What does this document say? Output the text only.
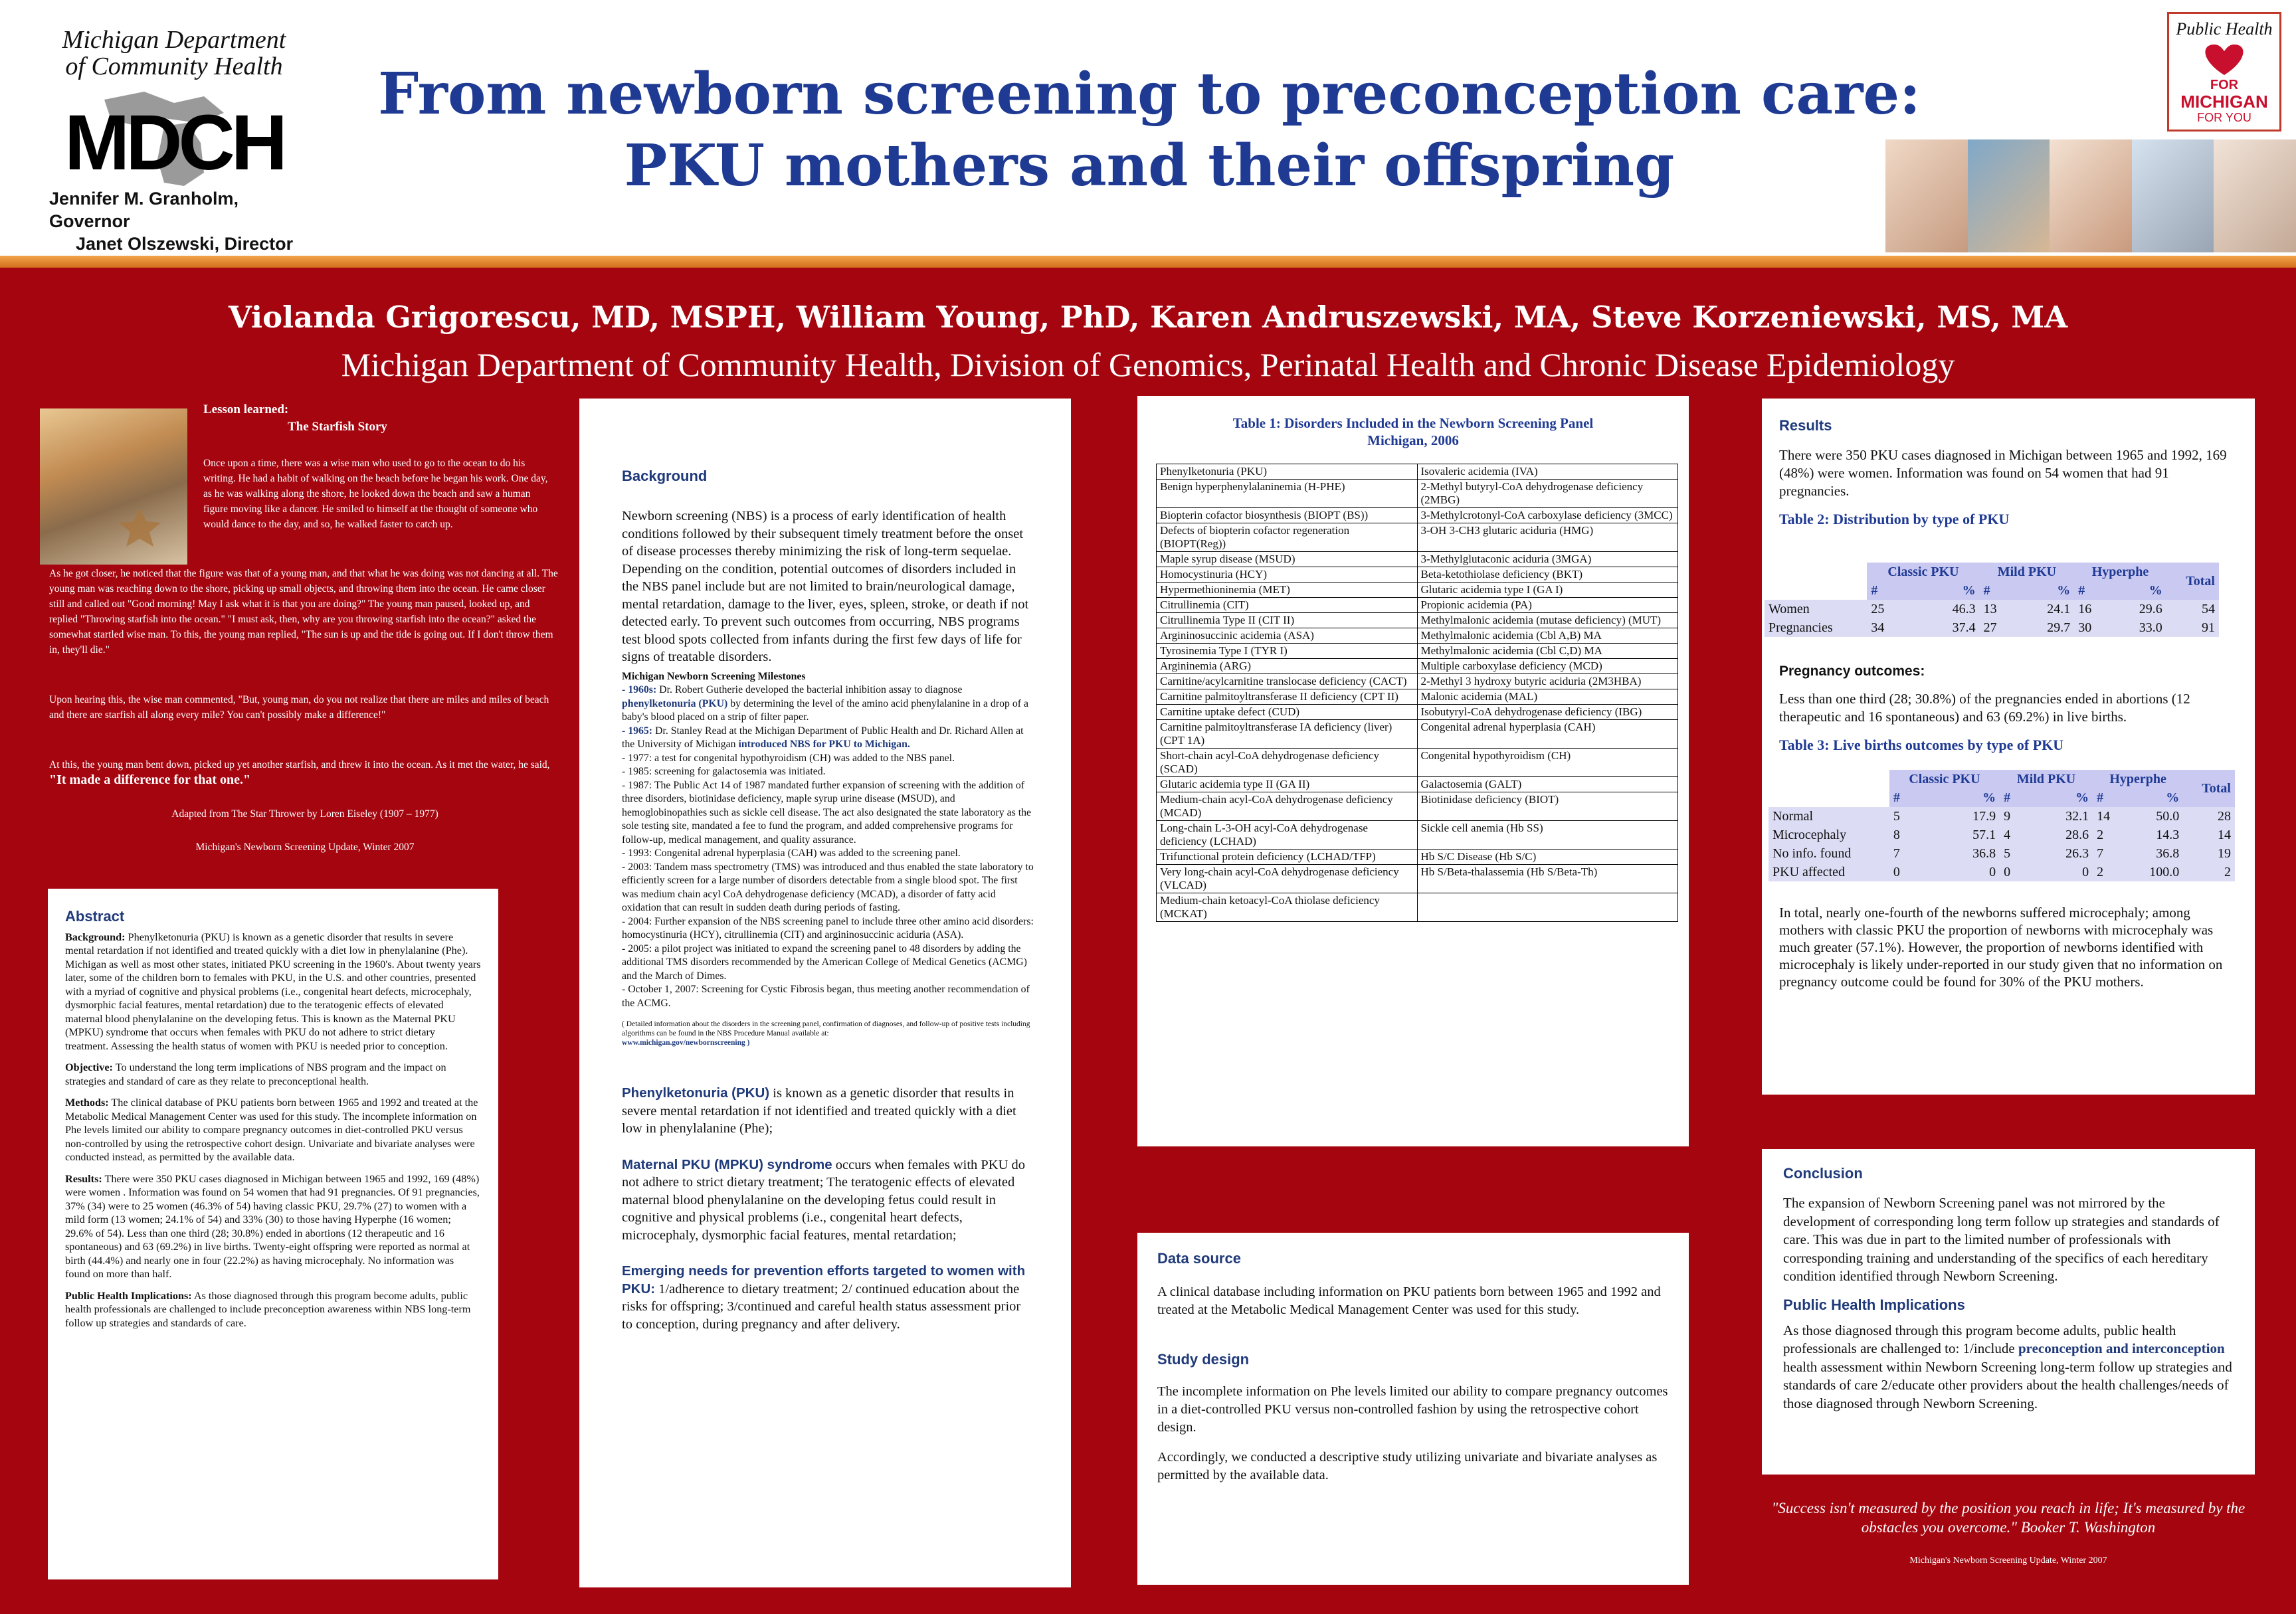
Michigan Department
of Community Health
MDCH
Jennifer M. Granholm, Governor
Janet Olszewski, Director
From newborn screening to preconception care:
PKU mothers and their offspring
Public Health
FOR
MICHIGAN
FOR YOU
Violanda Grigorescu, MD, MSPH, William Young, PhD, Karen Andruszewski, MA, Steve Korzeniewski, MS, MA
Michigan Department of Community Health, Division of Genomics, Perinatal Health and Chronic Disease Epidemiology
Lesson learned:
The Starfish Story
Once upon a time, there was a wise man who used to go to the ocean to do his writing. He had a habit of walking on the beach before he began his work. One day, as he was walking along the shore, he looked down the beach and saw a human figure moving like a dancer. He smiled to himself at the thought of someone who would dance to the day, and so, he walked faster to catch up.
As he got closer, he noticed that the figure was that of a young man, and that what he was doing was not dancing at all. The young man was reaching down to the shore, picking up small objects, and throwing them into the ocean. He came closer still and called out "Good morning! May I ask what it is that you are doing?" The young man paused, looked up, and replied "Throwing starfish into the ocean." "I must ask, then, why are you throwing starfish into the ocean?" asked the somewhat startled wise man. To this, the young man replied, "The sun is up and the tide is going out. If I don't throw them in, they'll die."
Upon hearing this, the wise man commented, "But, young man, do you not realize that there are miles and miles of beach and there are starfish all along every mile? You can't possibly make a difference!"
At this, the young man bent down, picked up yet another starfish, and threw it into the ocean. As it met the water, he said, "It made a difference for that one."
Adapted from The Star Thrower by Loren Eiseley (1907 – 1977)
Michigan's Newborn Screening Update, Winter 2007
Abstract

Background: Phenylketonuria (PKU) is known as a genetic disorder that results in severe mental retardation if not identified and treated quickly with a diet low in phenylalanine (Phe). Michigan as well as most other states, initiated PKU screening in the 1960's. About twenty years later, some of the children born to females with PKU, in the U.S. and other countries, presented with a myriad of cognitive and physical problems (i.e., congenital heart defects, microcephaly, dysmorphic facial features, mental retardation) due to the teratogenic effects of elevated maternal blood phenylalanine on the developing fetus. This is known as the Maternal PKU (MPKU) syndrome that occurs when females with PKU do not adhere to strict dietary treatment. Assessing the health status of women with PKU is needed prior to conception.

Objective: To understand the long term implications of NBS program and the impact on strategies and standard of care as they relate to preconceptional health.

Methods: The clinical database of PKU patients born between 1965 and 1992 and treated at the Metabolic Medical Management Center was used for this study. The incomplete information on Phe levels limited our ability to compare pregnancy outcomes in diet-controlled PKU versus non-controlled by using the retrospective cohort design. Univariate and bivariate analyses were conducted instead, as permitted by the available data.

Results: There were 350 PKU cases diagnosed in Michigan between 1965 and 1992, 169 (48%) were women . Information was found on 54 women that had 91 pregnancies. Of 91 pregnancies, 37% (34) were to 25 women (46.3% of 54) having classic PKU, 29.7% (27) to women with a mild form (13 women; 24.1% of 54) and 33% (30) to those having Hyperphe (16 women; 29.6% of 54). Less than one third (28; 30.8%) ended in abortions (12 therapeutic and 16 spontaneous) and 63 (69.2%) in live births. Twenty-eight offspring were reported as normal at birth (44.4%) and nearly one in four (22.2%) as having microcephaly. No information was found on more than half.

Public Health Implications: As those diagnosed through this program become adults, public health professionals are challenged to include preconception awareness within NBS long-term follow up strategies and standards of care.

Background

Newborn screening (NBS) is a process of early identification of health conditions followed by their subsequent timely treatment before the onset of disease processes thereby minimizing the risk of long-term sequelae. Depending on the condition, potential outcomes of disorders included in the NBS panel include but are not limited to brain/neurological damage, mental retardation, damage to the liver, eyes, spleen, stroke, or death if not detected early. To prevent such outcomes from occurring, NBS programs test blood spots collected from infants during the first few days of life for signs of treatable disorders.

Michigan Newborn Screening Milestones

- 1960s: Dr. Robert Gutherie developed the bacterial inhibition assay to diagnose phenylketonuria (PKU) by determining the level of the amino acid phenylalanine in a drop of a baby's blood placed on a strip of filter paper.

- 1965: Dr. Stanley Read at the Michigan Department of Public Health and Dr. Richard Allen at the University of Michigan introduced NBS for PKU to Michigan.

- 1977: a test for congenital hypothyroidism (CH) was added to the NBS panel.

- 1985: screening for galactosemia was initiated.

- 1987: The Public Act 14 of 1987 mandated further expansion of screening with the addition of three disorders, biotinidase deficiency, maple syrup urine disease (MSUD), and hemoglobinopathies such as sickle cell disease. The act also designated the state laboratory as the sole testing site, mandated a fee to fund the program, and added comprehensive programs for follow-up, medical management, and quality assurance.

- 1993: Congenital adrenal hyperplasia (CAH) was added to the screening panel.

- 2003: Tandem mass spectrometry (TMS) was introduced and thus enabled the state laboratory to efficiently screen for a large number of disorders detectable from a single blood spot. The first was medium chain acyl CoA dehydrogenase deficiency (MCAD), a disorder of fatty acid oxidation that can result in sudden death during periods of fasting.

- 2004: Further expansion of the NBS screening panel to include three other amino acid disorders: homocystinuria (HCY), citrullinemia (CIT) and argininosuccinic aciduria (ASA).

- 2005: a pilot project was initiated to expand the screening panel to 48 disorders by adding the additional TMS disorders recommended by the American College of Medical Genetics (ACMG) and the March of Dimes.

- October 1, 2007: Screening for Cystic Fibrosis began, thus meeting another recommendation of the ACMG.

( Detailed information about the disorders in the screening panel, confirmation of diagnoses, and follow-up of positive tests including algorithms can be found in the NBS Procedure Manual available at:
www.michigan.gov/newbornscreening )

Phenylketonuria (PKU) is known as a genetic disorder that results in severe mental retardation if not identified and treated quickly with a diet low in phenylalanine (Phe);

Maternal PKU (MPKU) syndrome occurs when females with PKU do not adhere to strict dietary treatment; The teratogenic effects of elevated maternal blood phenylalanine on the developing fetus could result in cognitive and physical problems (i.e., congenital heart defects, microcephaly, dysmorphic facial features, mental retardation;

Emerging needs for prevention efforts targeted to women with PKU: 1/adherence to dietary treatment; 2/ continued education about the risks for offspring; 3/continued and careful health status assessment prior to conception, during pregnancy and after delivery.

Table 1: Disorders Included in the Newborn Screening Panel
Michigan, 2006
Phenylketonuria (PKU)	Isovaleric acidemia (IVA)
Benign hyperphenylalaninemia (H-PHE)	2-Methyl butyryl-CoA dehydrogenase deficiency (2MBG)
Biopterin cofactor biosynthesis (BIOPT (BS))	3-Methylcrotonyl-CoA carboxylase deficiency (3MCC)
Defects of biopterin cofactor regeneration (BIOPT(Reg))	3-OH 3-CH3 glutaric aciduria (HMG)
Maple syrup disease (MSUD)	3-Methylglutaconic aciduria (3MGA)
Homocystinuria (HCY)	Beta-ketothiolase deficiency (BKT)
Hypermethioninemia (MET)	Glutaric acidemia type I (GA I)
Citrullinemia (CIT)	Propionic acidemia (PA)
Citrullinemia Type II (CIT II)	Methylmalonic acidemia (mutase deficiency) (MUT)
Argininosuccinic acidemia (ASA)	Methylmalonic acidemia (Cbl A,B) MA
Tyrosinemia Type I (TYR I)	Methylmalonic acidemia (Cbl C,D) MA
Argininemia (ARG)	Multiple carboxylase deficiency (MCD)
Carnitine/acylcarnitine translocase deficiency (CACT)	2-Methyl 3 hydroxy butyric aciduria (2M3HBA)
Carnitine palmitoyltransferase II deficiency (CPT II)	Malonic acidemia (MAL)
Carnitine uptake defect (CUD)	Isobutyryl-CoA dehydrogenase deficiency (IBG)
Carnitine palmitoyltransferase IA deficiency (liver) (CPT 1A)	Congenital adrenal hyperplasia (CAH)
Short-chain acyl-CoA dehydrogenase deficiency (SCAD)	Congenital hypothyroidism (CH)
Glutaric acidemia type II (GA II)	Galactosemia (GALT)
Medium-chain acyl-CoA dehydrogenase deficiency (MCAD)	Biotinidase deficiency (BIOT)
Long-chain L-3-OH acyl-CoA dehydrogenase deficiency (LCHAD)	Sickle cell anemia (Hb SS)
Trifunctional protein deficiency (LCHAD/TFP)	Hb S/C Disease (Hb S/C)
Very long-chain acyl-CoA dehydrogenase deficiency (VLCAD)	Hb S/Beta-thalassemia (Hb S/Beta-Th)
Medium-chain ketoacyl-CoA thiolase deficiency (MCKAT)	
Data source

A clinical database including information on PKU patients born between 1965 and 1992 and treated at the Metabolic Medical Management Center was used for this study.

Study design

The incomplete information on Phe levels limited our ability to compare pregnancy outcomes in a diet-controlled PKU versus non-controlled fashion by using the retrospective cohort design.

Accordingly, we conducted a descriptive study utilizing univariate and bivariate analyses as permitted by the available data.

Results

There were 350 PKU cases diagnosed in Michigan between 1965 and 1992, 169 (48%) were women. Information was found on 54 women that had 91 pregnancies.

Table 2: Distribution by type of PKU
	Classic PKU		Mild PKU		Hyperphe		Total
	#	%	#	%	#	%	
Women	25	46.3	13	24.1	16	29.6	54
Pregnancies	34	37.4	27	29.7	30	33.0	91
Pregnancy outcomes:

Less than one third (28; 30.8%) of the pregnancies ended in abortions (12 therapeutic and 16 spontaneous) and 63 (69.2%) in live births.

Table 3: Live births outcomes by type of PKU
	Classic PKU		Mild PKU		Hyperphe		Total
	#	%	#	%	#	%	
Normal	5	17.9	9	32.1	14	50.0	28
Microcephaly	8	57.1	4	28.6	2	14.3	14
No info. found	7	36.8	5	26.3	7	36.8	19
PKU affected	0	0	0	0	2	100.0	2

In total, nearly one-fourth of the newborns suffered microcephaly; among mothers with classic PKU the proportion of newborns with microcephaly was much greater (57.1%). However, the proportion of newborns identified with microcephaly is likely under-reported in our study given that no information on pregnancy outcome could be found for 30% of the PKU mothers.

Conclusion

The expansion of Newborn Screening panel was not mirrored by the development of corresponding long term follow up strategies and standards of care. This was due in part to the limited number of professionals with corresponding training and understanding of the specifics of each hereditary condition identified through Newborn Screening.

Public Health Implications

As those diagnosed through this program become adults, public health professionals are challenged to: 1/include preconception and interconception health assessment within Newborn Screening long-term follow up strategies and standards of care 2/educate other providers about the health challenges/needs of those diagnosed through Newborn Screening.

"Success isn't measured by the position you reach in life; It's measured by the obstacles you overcome." Booker T. Washington
Michigan's Newborn Screening Update, Winter 2007
